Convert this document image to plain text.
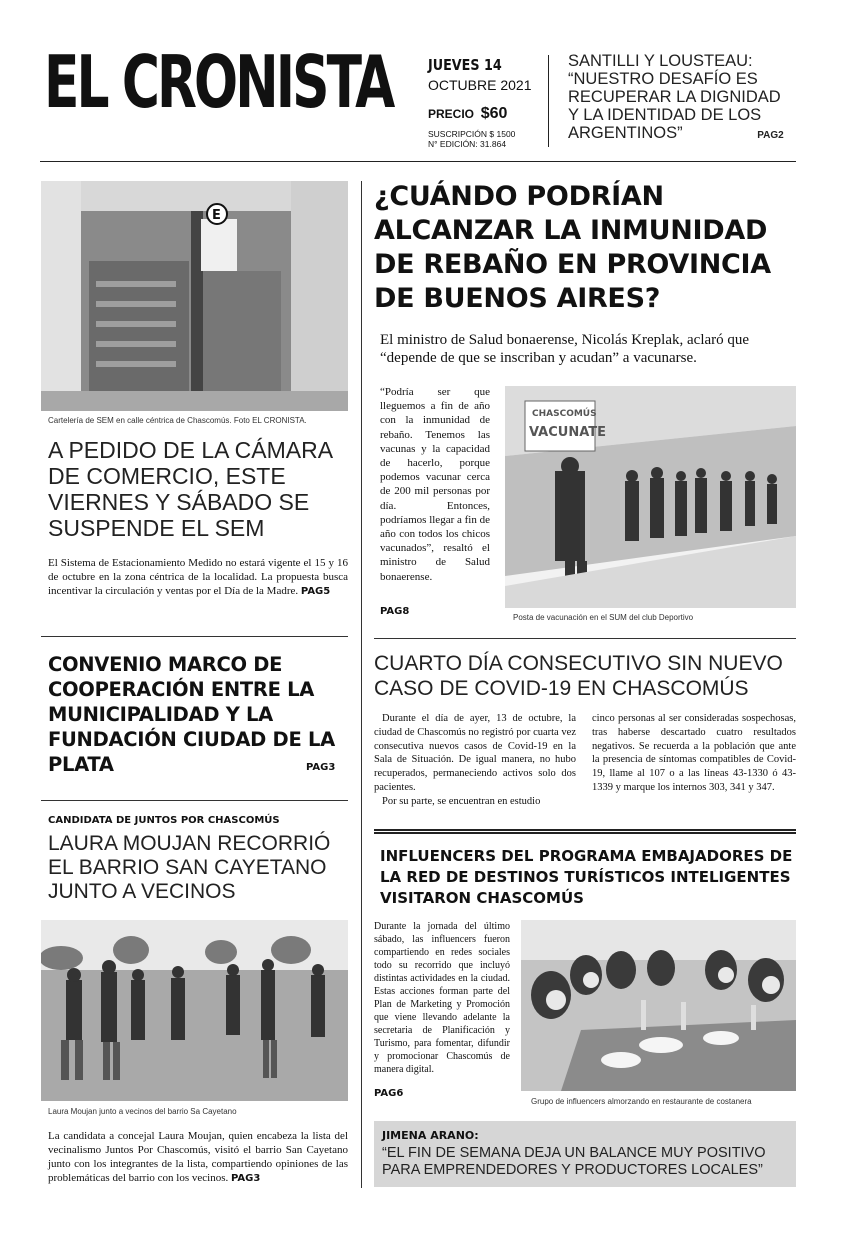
EL CRONISTA JUEVES 14
OCTUBRE 2021
PRECIO $60
SUSCRIPCIÓN $ 1500
N° EDICIÓN: 31.864
SANTILLI Y LOUSTEAU: “NUESTRO DESAFÍO ES RECUPERAR LA DIGNIDAD Y LA IDENTIDAD DE LOS ARGENTINOS”	PAG2
E
Cartelería de SEM en calle céntrica de Chascomús. Foto EL CRONISTA.
A PEDIDO DE LA CÁMARA DE COMERCIO, ESTE VIERNES Y SÁBADO SE SUSPENDE EL SEM
El Sistema de Estacionamiento Medido no estará vigente el 15 y 16 de octubre en la zona céntrica de la localidad. La propuesta busca incentivar la circulación y ventas por el Día de la Madre. PAG5
CONVENIO MARCO DE COOPERACIÓN ENTRE LA MUNICIPALIDAD Y LA FUNDACIÓN CIUDAD DE LA PLATA	PAG3
CANDIDATA DE JUNTOS POR CHASCOMÚS
LAURA MOUJAN RECORRIÓ EL BARRIO SAN CAYETANO JUNTO A VECINOS
Laura Moujan junto a vecinos del barrio Sa Cayetano
La candidata a concejal Laura Moujan, quien encabeza la lista del vecinalismo Juntos Por Chascomús, visitó el barrio San Cayetano junto con los integrantes de la lista, compartiendo opiniones de las problemáticas del barrio con los vecinos. PAG3
¿CUÁNDO PODRÍAN ALCANZAR LA INMUNIDAD DE REBAÑO EN PROVINCIA DE BUENOS AIRES?

El ministro de Salud bonaerense, Nicolás Kreplak, aclaró que “depende de que se inscriban y acudan” a vacunarse.

“Podría ser que lleguemos a fin de año con la inmunidad de rebaño. Tenemos las vacunas y la capacidad de hacerlo, porque podemos vacunar cerca de 200 mil personas por día. Entonces, podríamos llegar a fin de año con todos los chicos vacunados”, resaltó el ministro de Salud bonaerense.

PAG8
CHASCOMÚS
VACUNATE
Posta de vacunación en el SUM del club Deportivo
CUARTO DÍA CONSECUTIVO SIN NUEVO CASO DE COVID-19 EN CHASCOMÚS

Durante el día de ayer, 13 de octubre, la ciudad de Chascomús no registró por cuarta vez consecutiva nuevos casos de Covid-19 en la Sala de Situación. De igual manera, no hubo recuperados, permaneciendo activos solo dos pacientes.

Por su parte, se encuentran en estudio

cinco personas al ser consideradas sospechosas, tras haberse descartado cuatro resultados negativos. Se recuerda a la población que ante la presencia de síntomas compatibles de Covid-19, llame al 107 o a las líneas 43-1330 ó 43-1339 y marque los internos 303, 341 y 347.
INFLUENCERS DEL PROGRAMA EMBAJADORES DE LA RED DE DESTINOS TURÍSTICOS INTELIGENTES VISITARON CHASCOMÚS

Durante la jornada del último sábado, las influencers fueron compartiendo en redes sociales todo su recorrido que incluyó distintas actividades en la ciudad. Estas acciones forman parte del Plan de Marketing y Promoción que viene llevando adelante la secretaria de Planificación y Turismo, para fomentar, difundir y promocionar Chascomús de manera digital.

PAG6
Grupo de influencers almorzando en restaurante de costanera
JIMENA ARANO:
“EL FIN DE SEMANA DEJA UN BALANCE MUY POSITIVO PARA EMPRENDEDORES Y PRODUCTORES LOCALES”
